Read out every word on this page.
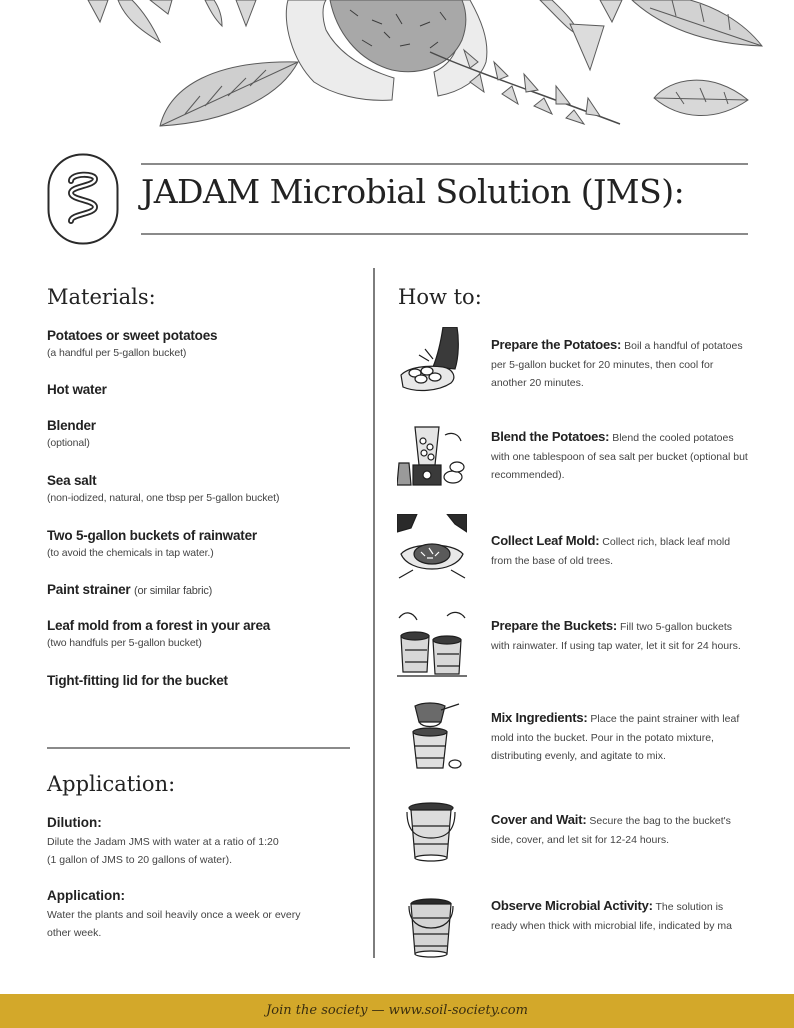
JADAM Microbial Solution (JMS):
Materials:
Potatoes or sweet potatoes
(a handful per 5-gallon bucket)
Hot water
Blender
(optional)
Sea salt
(non-iodized, natural, one tbsp per 5-gallon bucket)
Two 5-gallon buckets of rainwater
(to avoid the chemicals in tap water.)
Paint strainer (or similar fabric)
Leaf mold from a forest in your area
(two handfuls per 5-gallon bucket)
Tight-fitting lid for the bucket
Application:
Dilution:
Dilute the Jadam JMS with water at a ratio of 1:20
(1 gallon of JMS to 20 gallons of water).
Application:
Water the plants and soil heavily once a week or every
other week.
How to:
Prepare the Potatoes: Boil a handful of potatoes per 5-gallon bucket for 20 minutes, then cool for another 20 minutes.
Blend the Potatoes: Blend the cooled potatoes with one tablespoon of sea salt per bucket (optional but recommended).
Collect Leaf Mold: Collect rich, black leaf mold from the base of old trees.
Prepare the Buckets: Fill two 5-gallon buckets with rainwater. If using tap water, let it sit for 24 hours.
Mix Ingredients: Place the paint strainer with leaf mold into the bucket. Pour in the potato mixture, distributing evenly, and agitate to mix.
Cover and Wait: Secure the bag to the bucket's side, cover, and let sit for 12-24 hours.
Observe Microbial Activity: The solution is ready when thick with microbial life, indicated by ma
Join the society — www.soil-society.com
